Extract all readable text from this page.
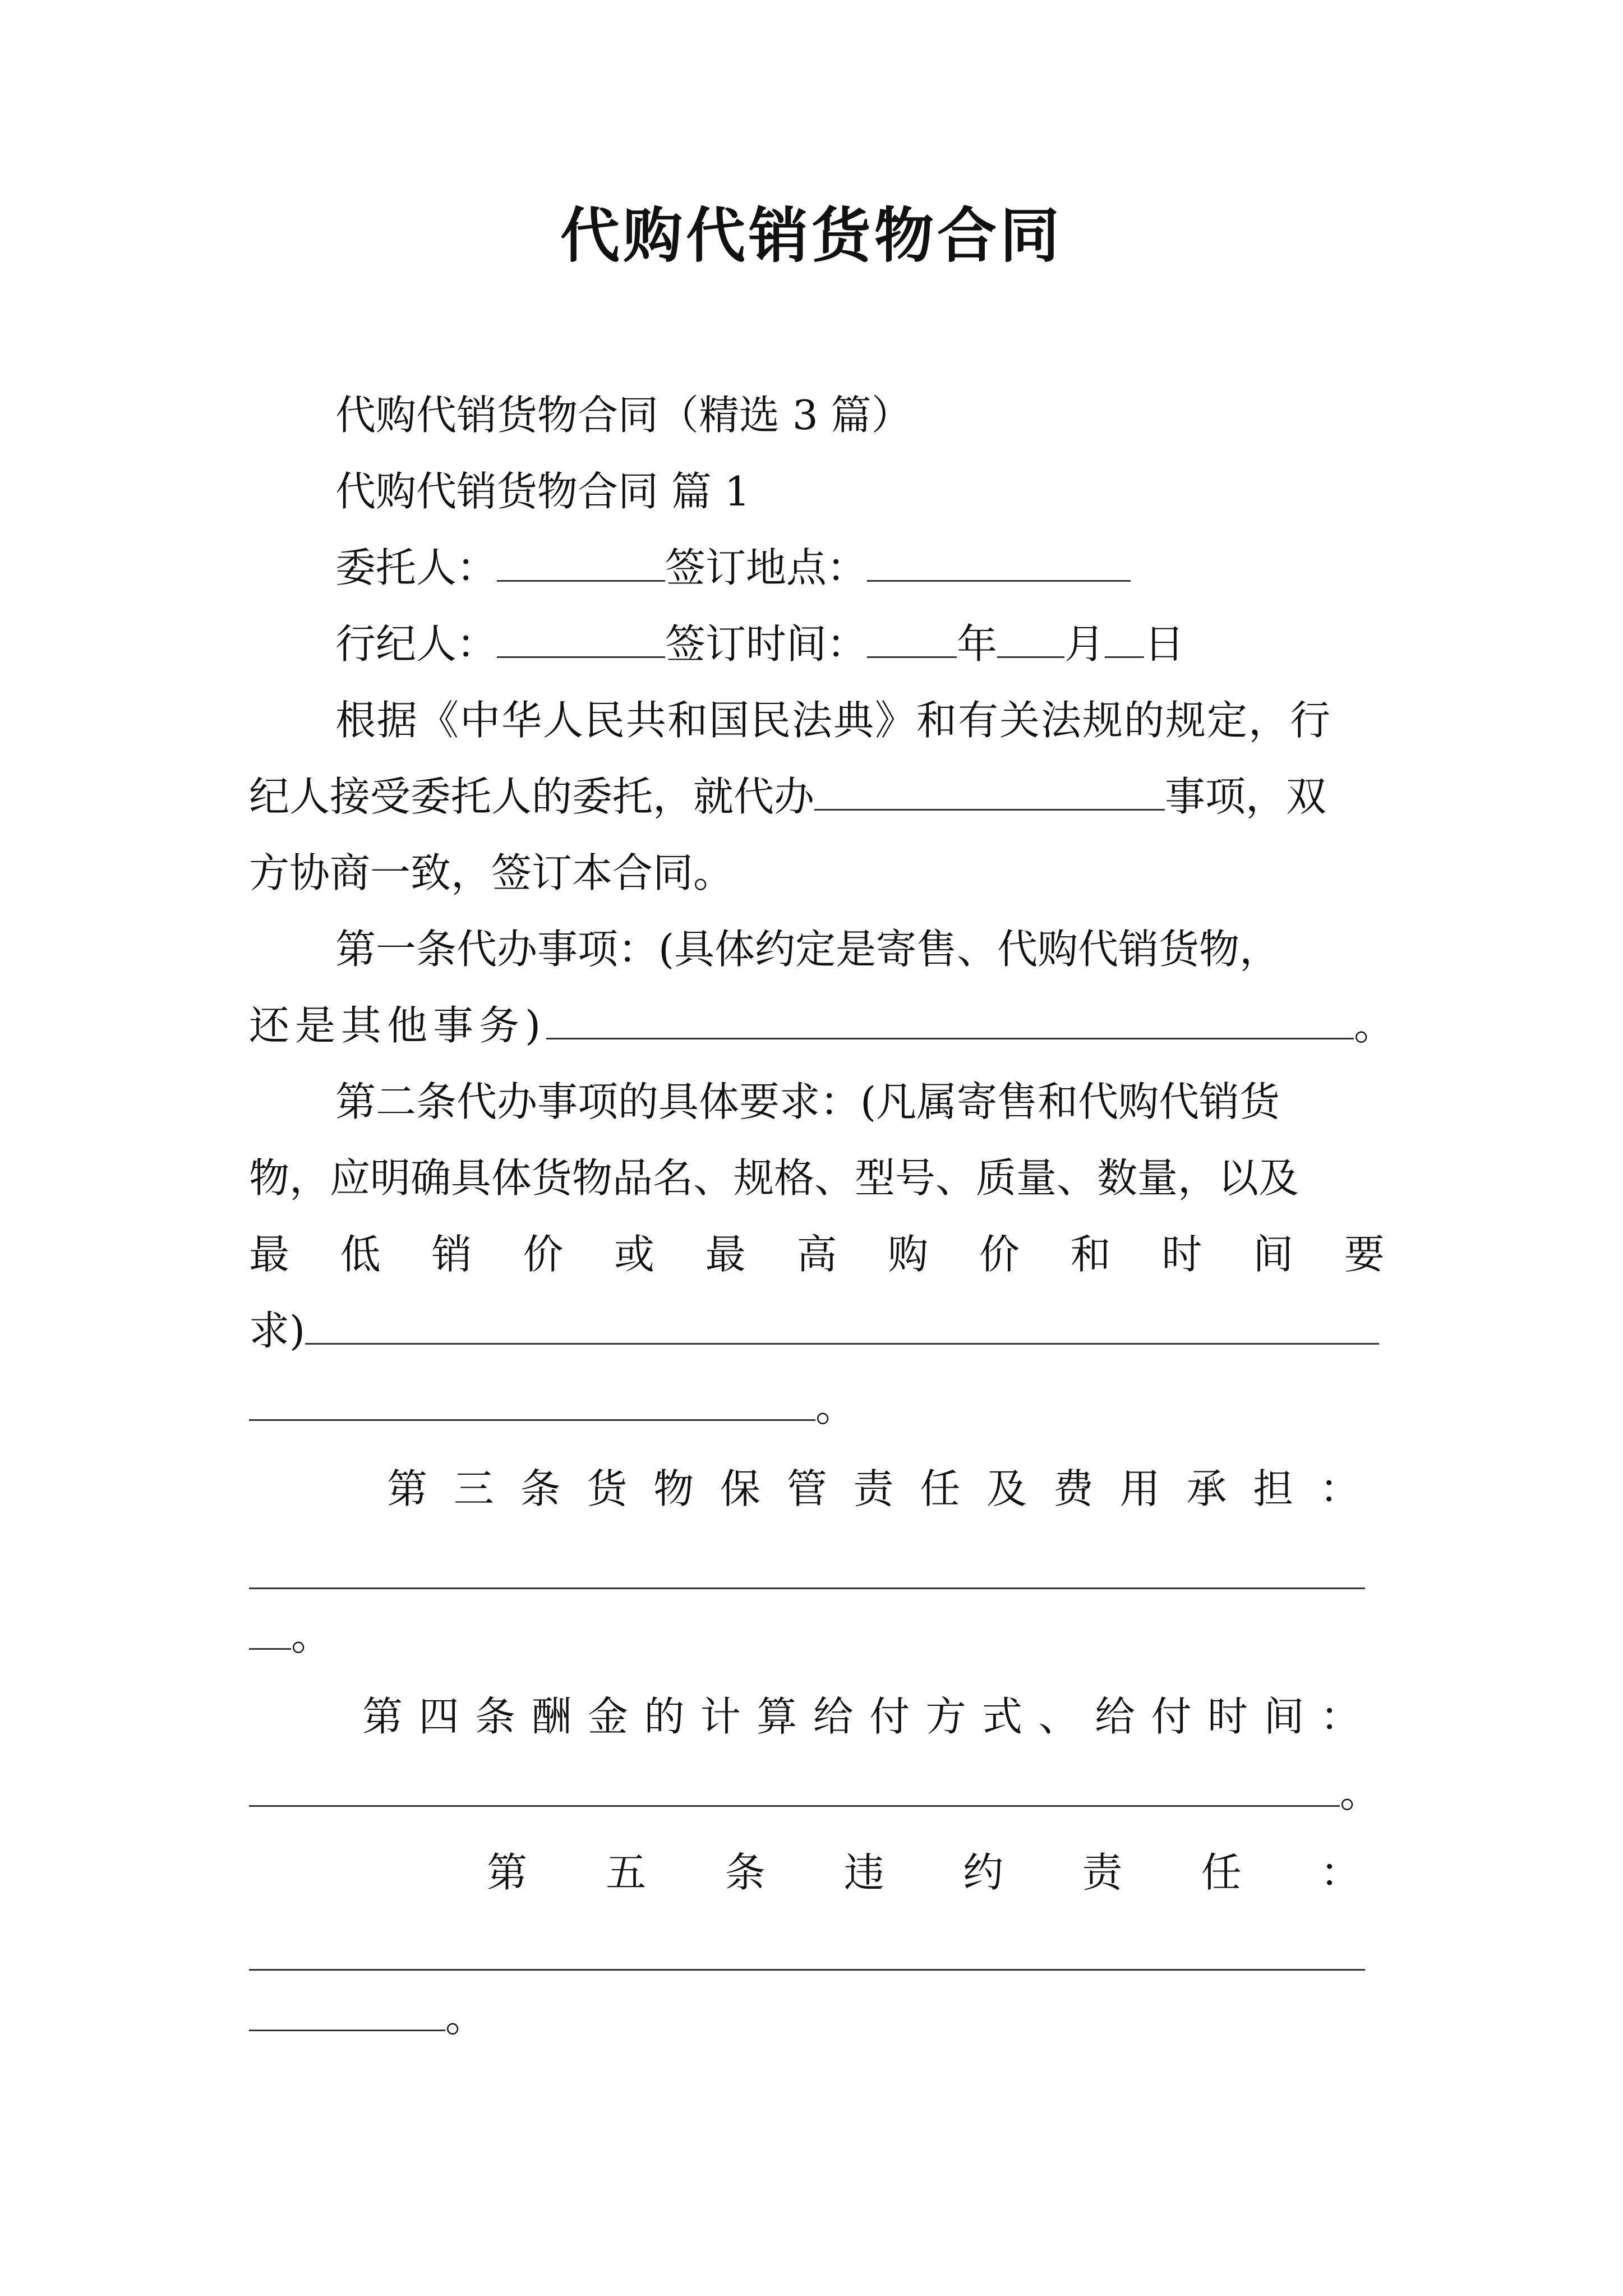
代购代销货物合同
代购代销货物合同（精选 3 篇）
代购代销货物合同 篇 1
委托人：	签订地点：
行纪人：	签订时间： 年 月 日
根据《中华人民共和国民法典》和有关法规的规定，行
纪人接受委托人的委托，就代办	事项，双
方协商一致，签订本合同。
第一条代办事项：(具体约定是寄售、代购代销货物，
还是其他事务)	。
第二条代办事项的具体要求：(凡属寄售和代购代销货
物，应明确具体货物品名、规格、型号、质量、数量，以及
最 低 销 价 或 最 高 购 价 和 时 间 要
求)
。
第 三 条 货 物 保 管 责 任 及 费 用 承 担 ：
。
第 四 条 酬 金 的 计 算 给 付 方 式 、 给 付 时 间 ：
。
第 五 条 违 约 责 任 ：
。
